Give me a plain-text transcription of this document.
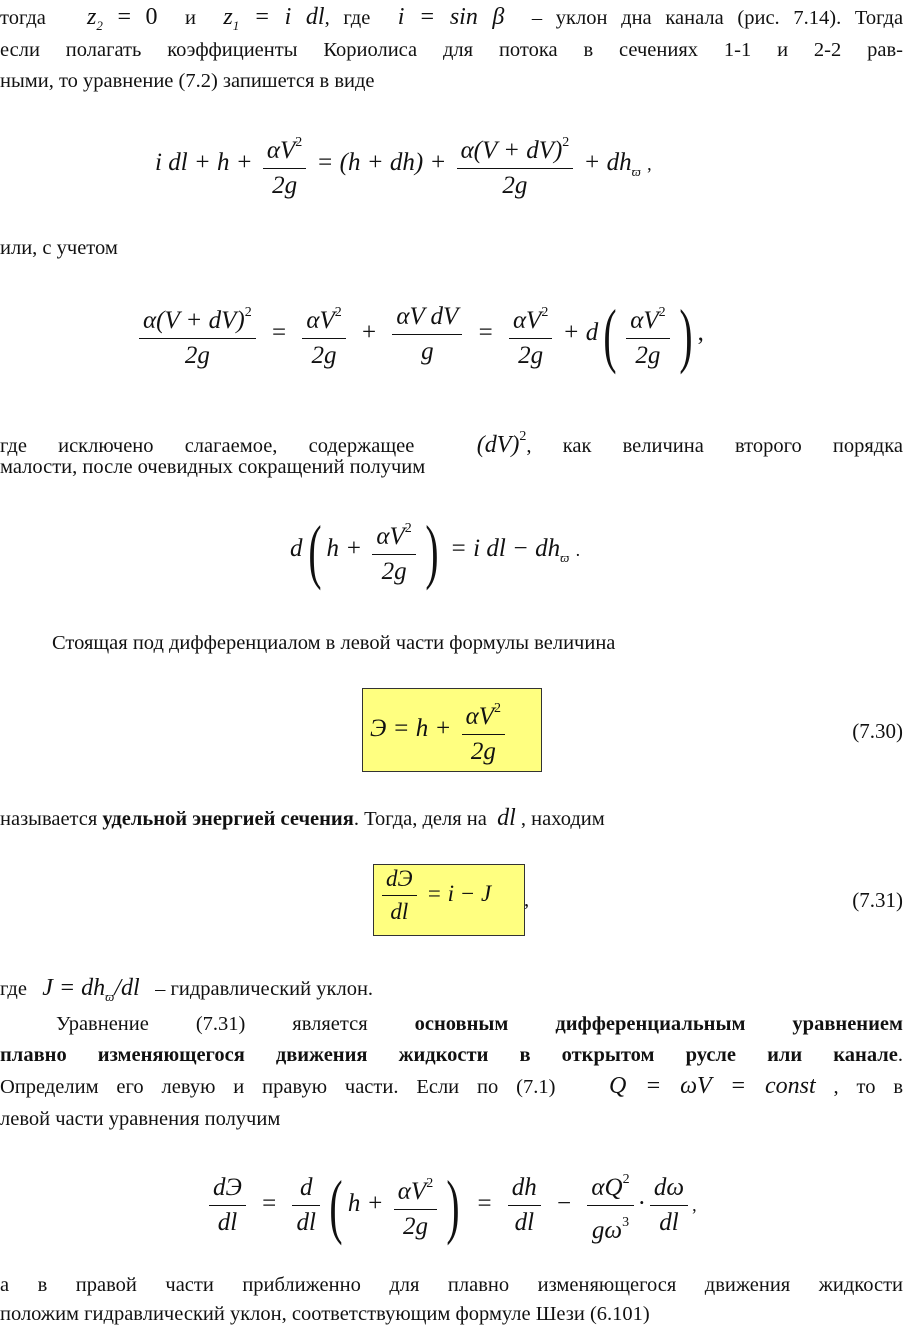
тогда $z_2 = 0$ и $z_1 = i$ dl, где i = sin β – уклон дна канала (рис. 7.14). Тогда
если полагать коэффициенты Кориолиса для потока в сечениях 1-1 и 2-2 рав-
ными, то уравнение (7.2) запишется в виде
i dl + $h + \frac{\alpha V^2}{2g} = (h + dh) + \frac{\alpha(V + dV)^2}{2g} + dh_ϖ$ ,
или, с учетом
$\frac{\alpha(V + dV)^2}{2g} = \frac{\alpha V^2}{2g} + \frac{\text{αV dV}}{g} = \frac{\alpha V^2}{2g} + d( \frac{\alpha V^2}{2g}$ ) ,
где исключено слагаемое, содержащее	(dV)$^2$, как величина второго порядка
малости, после очевидных сокращений получим
d( $h + \frac{\alpha V^2}{2g}$ ) = i dl − $dh_ϖ$ .
Стоящая под дифференциалом в левой части формулы величина
$Э = h + \frac{\alpha V^2}{2g}$	(7.30)
называется удельной энергией сечения. Тогда, деля на dl , находим
$\frac{dЭ}{dl} = i - J$ ,	(7.31)
где $J = dh_ϖ/dl$ – гидравлический уклон.
Уравнение (7.31) является основным дифференциальным уравнением
плавно изменяющегося движения жидкости в открытом русле или канале.
Определим его левую и правую части. Если по (7.1) Q = ωV = const , то в
левой части уравнения получим
$\frac{dЭ}{dl} = \frac{d}{dl}$ ( $h + \frac{\alpha V^2}{2g}$ ) = $\frac{dh}{dl} - \frac{\alpha Q^2}{g\omega^3} \cdot \frac{d\omega}{dl}$ ,
а в правой части приближенно для плавно изменяющегося движения жидкости
положим гидравлический уклон, соответствующим формуле Шези (6.101)
